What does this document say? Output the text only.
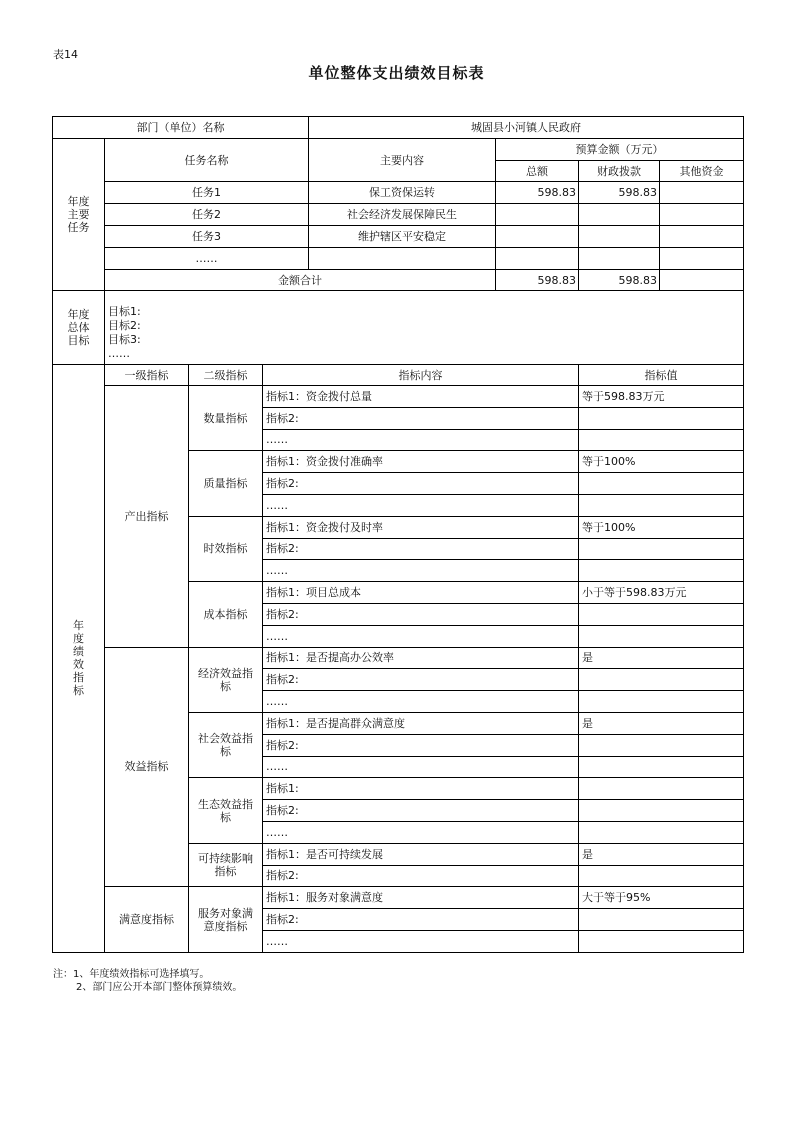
表14
单位整体支出绩效目标表
部门（单位）名称				城固县小河镇人民政府			
年度主要任务	任务名称			主要内容	预算金额（万元）		
					总额	财政拨款	其他资金
	任务1			保工资保运转	598.83	598.83	
	任务2			社会经济发展保障民生			
	任务3			维护辖区平安稳定			
	……						
	金额合计				598.83	598.83	
年度总体目标	目标1:
目标2:
目标3:
……						

年度绩效指标	一级指标	二级指标	指标内容			指标值	
	产出指标	数量指标	指标1：资金拨付总量			等于598.83万元	
			指标2:				
			……				
		质量指标	指标1：资金拨付准确率			等于100%	
			指标2:				
			……				
		时效指标	指标1：资金拨付及时率			等于100%	
			指标2:				
			……				
		成本指标	指标1：项目总成本			小于等于598.83万元	
			指标2:				
			……				
	效益指标	经济效益指标	指标1：是否提高办公效率			是	
			指标2:				
			……				
		社会效益指标	指标1：是否提高群众满意度			是	
			指标2:				
			……				
		生态效益指标	指标1:				
			指标2:				
			……				
		可持续影响指标	指标1：是否可持续发展			是	
			指标2:				
	满意度指标	服务对象满意度指标	指标1：服务对象满意度			大于等于95%	
			指标2:				
			……				
注：1、年度绩效指标可选择填写。
2、部门应公开本部门整体预算绩效。
